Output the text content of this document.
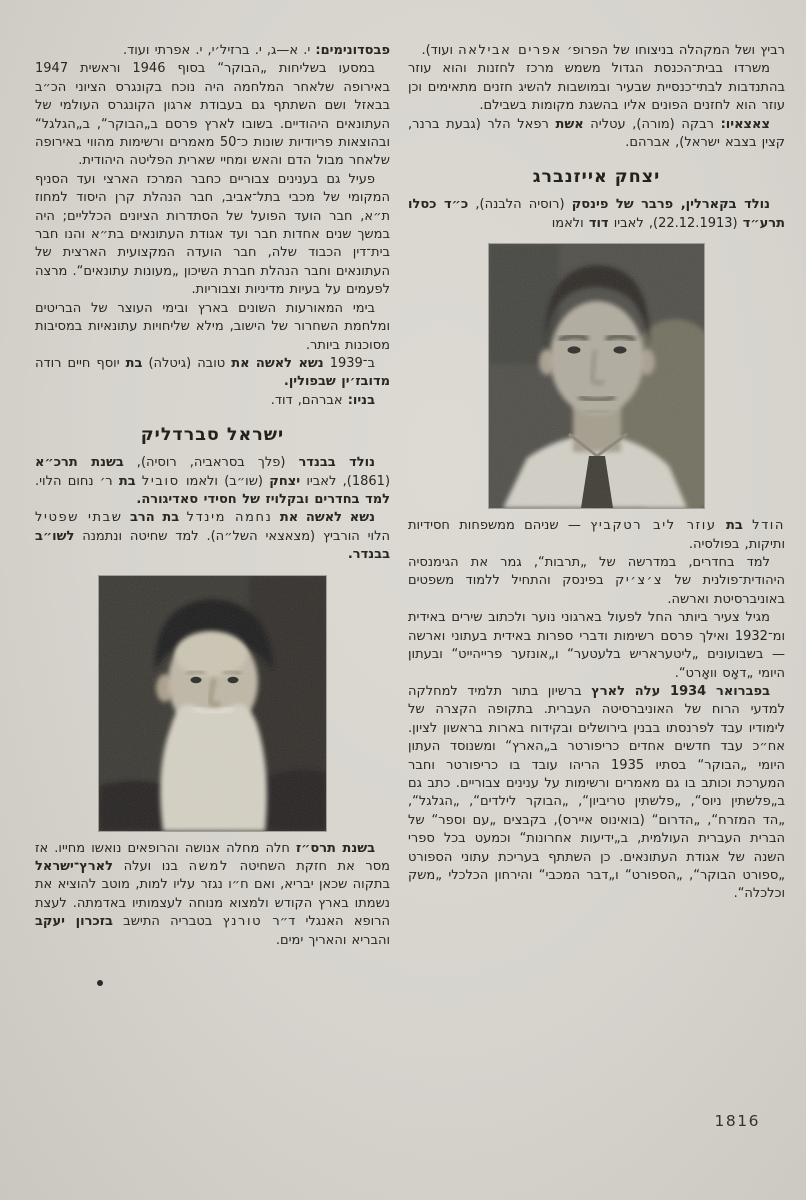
רביץ ושל המקהלה בניצוחו של הפרופ׳ אפרים אבילאה ועוד).

משרדו בבית־הכנסת הגדול משמש מרכז לחזנות והוא עוזר בהתנדבות לבתי־כנסיית שבעיר ובמושבות להשיג חזנים מתאימים וכן עוזר הוא לחזנים הפונים אליו בהשגת מקומות בשבילם.

צאצאיו: רבקה (מורה), עטליה אשת רפאל הלר (גבעת ברנר, קצין בצבא ישראל), אברהם.

יצחק אייזנברג

נולד בקארלין, פרבר של פינסק (רוסיה הלבנה), כ״ד כסלו תרע״ד (22.12.1913), לאביו דוד ולאמו

הודל בת עוזר ליב רטקביץ — שניהם ממשפחות חסידיות ותיקות, בפולסיה.

למד בחדרים, במדרשה של „תרבות“, גמר את הגימנסיה היהודית־פולנית של צ׳צ׳יק בפינסק והתחיל ללמוד משפטים באוניברסיטת וארשה.

מגיל צעיר ביותר החל לפעול בארגוני נוער ולכתוב שירים באידית ומ־1932 ואילך פרסם רשימות ודברי ספרות באידית בעתוני וארשה — בשבועונים „ליטעראריש בלעטער“ ו„אונזער פרייהייט“ ובעתון היומי „דאָס וואָרט“.

בפברואר 1934 עלה לארץ ברשיון בתור תלמיד למחלקה למדעי הרוח של האוניברסיטה העברית. בתקופה הקצרה של לימודיו עבד לפרנסתו בבנין בירושלים ובקידוח בארות בראשון לציון. אח״כ עבד חדשים אחדים כריפורטר ב„הארץ“ ומשנוסד העתון היומי „הבוקר“ בסתיו 1935 הריהו עובד בו כריפורטר וחבר המערכת וכותב בו גם מאמרים ורשימות על ענינים צבוריים. כתב גם ב„פלשתין ניוס“, „פלשתין טריביון“, „הבוקר לילדים“, „הגלגל“, „הד המזרח“, „הדרום“ (בואינוס איירס), בקבצים „עם וספר“ של הברית העברית העולמית, ב„ידיעות אחרונות“ וכמעט בכל ספרי השנה של אגודת העתונאים. כן השתתף בעריכת עתוני הספורט „ספורט הבוקר“, „הספורט“ ו„דבר המכבי“ והירחון הכלכלי „משק וכלכלה“.

פבסדונימים: י. א—ג, י. ברזיל׳י, י. אפרתי ועוד.

במסעו בשליחות „הבוקר“ בסוף 1946 וראשית 1947 באירופה שלאחר המלחמה היה נוכח בקונגרס הציוני הכ״ב בבאזל ושם השתתף גם בעבודת ארגון הקונגרס העולמי של העתונאים היהודיים. בשובו לארץ פרסם ב„הבוקר“, ב„הגלגל“ ובהוצאות פריודיות שונות כ־50 מאמרים ורשימות מהווי באירופה שלאחר מבול הדם והאש ומחיי שארית הפליטה היהודית.

פעיל גם בענינים צבוריים כחבר המרכז הארצי ועד הסניף המקומי של מכבי בתל־אביב, חבר הנהלת קרן היסוד למחוז ת״א, חבר הועד הפועל של הסתדרות הציונים הכלליים; היה במשך שנים אחדות חבר ועד אגודת העתונאים בת״א והנו חבר בית־דין הכבוד שלה, חבר הועדה המקצועית הארצית של העתונאים וחבר הנהלת חברת השיכון „מעונות עתונאים“. מרצה לפעמים על בעיות מדיניות וצבוריות.

בימי המאורעות השונים בארץ ובימי העוצר של הבריטים ומלחמת השחרור של הישוב, מילא שליחויות עתונאיות במסיבות מסוכנות ביותר.

ב־1939 נשא לאשה את טובה (גיטלה) בת יוסף חיים רודה מדובז׳ין שבפולין.

בניו: אברהם, דוד.

ישראל סברדליק

נולד בבנדר (פלך בסראביה, רוסיה), בשנת תרכ״א (1861), לאביו יצחק (שו״ב) ולאמו סוביל בת ר׳ נחום הלוי. למד בחדרים ובקלויז של חסידי סאדיגורה.

נשא לאשה את נחמה מינדל בת הרב שבתי שפטיל הלוי הורביץ (מצאצאי השל״ה). למד שחיטה ונתמנה לשו״ב בבנדר.

בשנת תרס״ז חלה מחלה אנושה והרופאים נואשו מחייו. אז מסר את חזקת השחיטה למשה בנו ועלה לארץ־ישראל בתקוה שכאן יבריא, ואם ח״ו נגזר עליו למות, מוטב להוציא את נשמתו בארץ הקודש ולמצוא מנוחה לעצמותיו באדמתה. לעצת הרופא האנגלי ד״ר טורנץ בטבריה התישב בזכרון יעקב והבריא והאריך ימים.

1816
